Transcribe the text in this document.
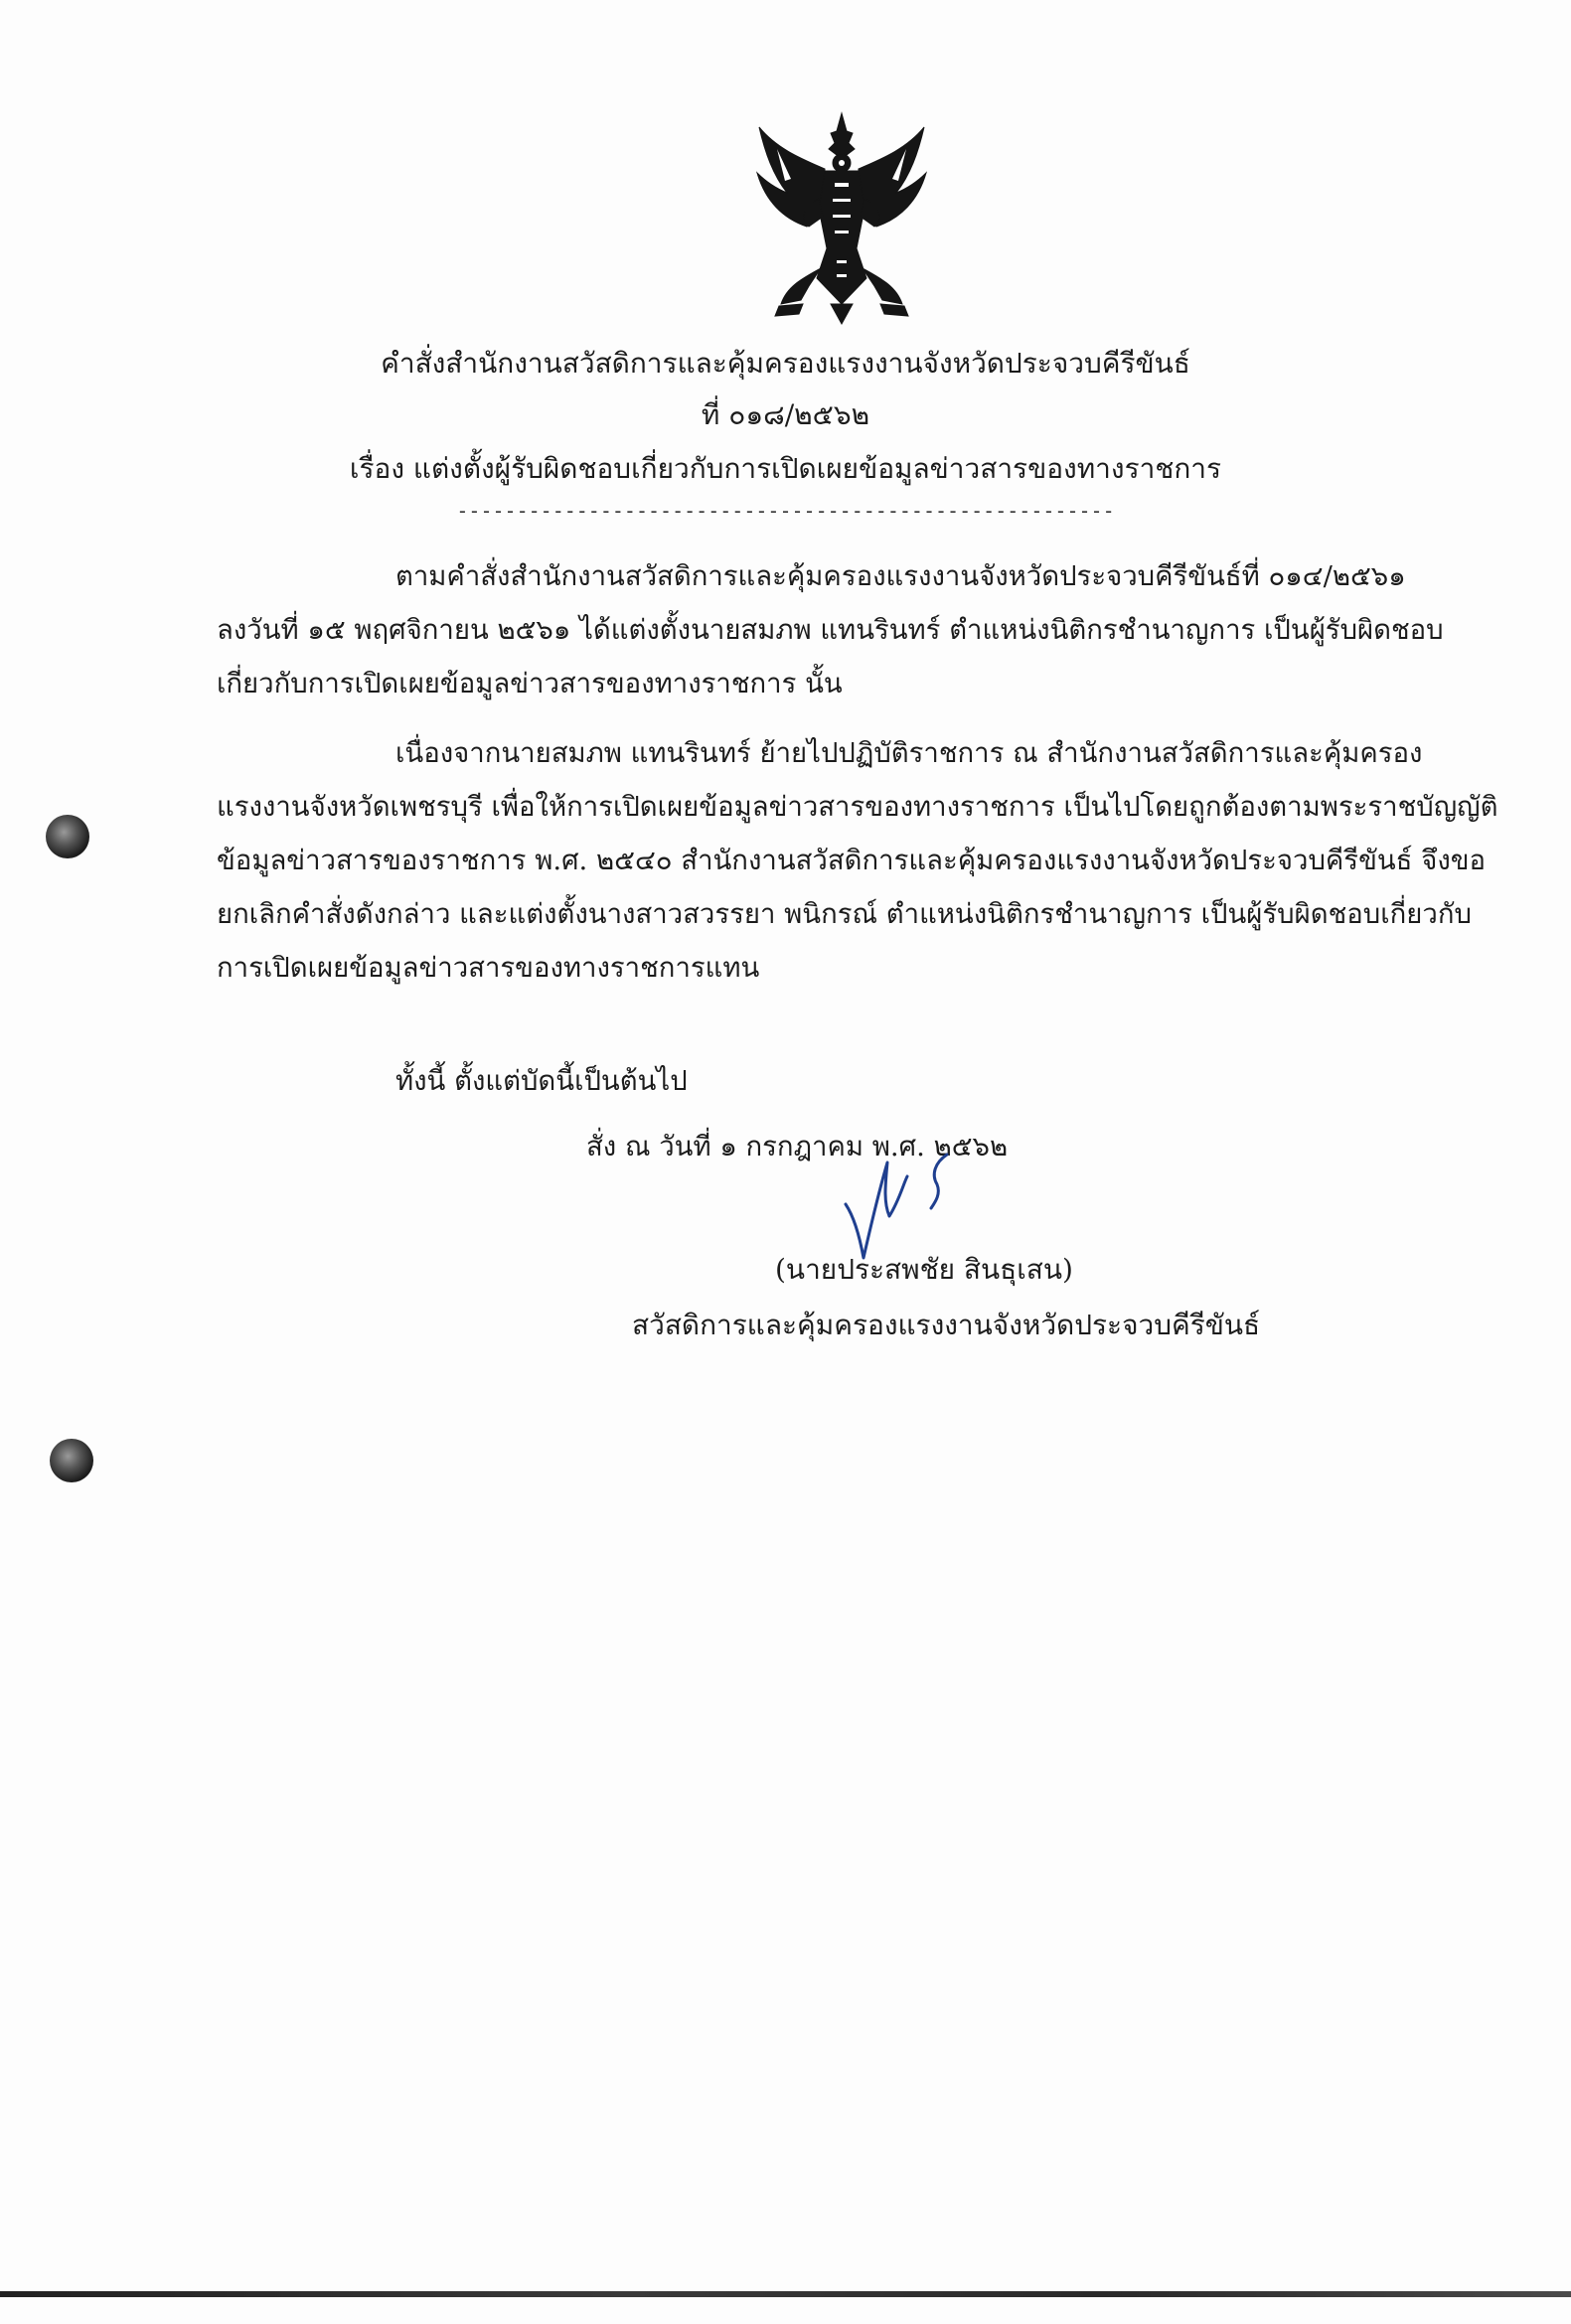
คำสั่งสำนักงานสวัสดิการและคุ้มครองแรงงานจังหวัดประจวบคีรีขันธ์
ที่ ๐๑๘/๒๕๖๒
เรื่อง แต่งตั้งผู้รับผิดชอบเกี่ยวกับการเปิดเผยข้อมูลข่าวสารของทางราชการ
-------------------------------------------------------
ตามคำสั่งสำนักงานสวัสดิการและคุ้มครองแรงงานจังหวัดประจวบคีรีขันธ์ที่ ๐๑๔/๒๕๖๑
ลงวันที่ ๑๕ พฤศจิกายน ๒๕๖๑ ได้แต่งตั้งนายสมภพ แทนรินทร์ ตำแหน่งนิติกรชำนาญการ เป็นผู้รับผิดชอบ
เกี่ยวกับการเปิดเผยข้อมูลข่าวสารของทางราชการ นั้น
เนื่องจากนายสมภพ แทนรินทร์ ย้ายไปปฏิบัติราชการ ณ สำนักงานสวัสดิการและคุ้มครอง
แรงงานจังหวัดเพชรบุรี เพื่อให้การเปิดเผยข้อมูลข่าวสารของทางราชการ เป็นไปโดยถูกต้องตามพระราชบัญญัติ
ข้อมูลข่าวสารของราชการ พ.ศ. ๒๕๔๐ สำนักงานสวัสดิการและคุ้มครองแรงงานจังหวัดประจวบคีรีขันธ์ จึงขอ
ยกเลิกคำสั่งดังกล่าว และแต่งตั้งนางสาวสวรรยา พนิกรณ์ ตำแหน่งนิติกรชำนาญการ เป็นผู้รับผิดชอบเกี่ยวกับ
การเปิดเผยข้อมูลข่าวสารของทางราชการแทน
ทั้งนี้ ตั้งแต่บัดนี้เป็นต้นไป
สั่ง ณ วันที่ ๑ กรกฎาคม พ.ศ. ๒๕๖๒
(นายประสพชัย สินธุเสน)
สวัสดิการและคุ้มครองแรงงานจังหวัดประจวบคีรีขันธ์
